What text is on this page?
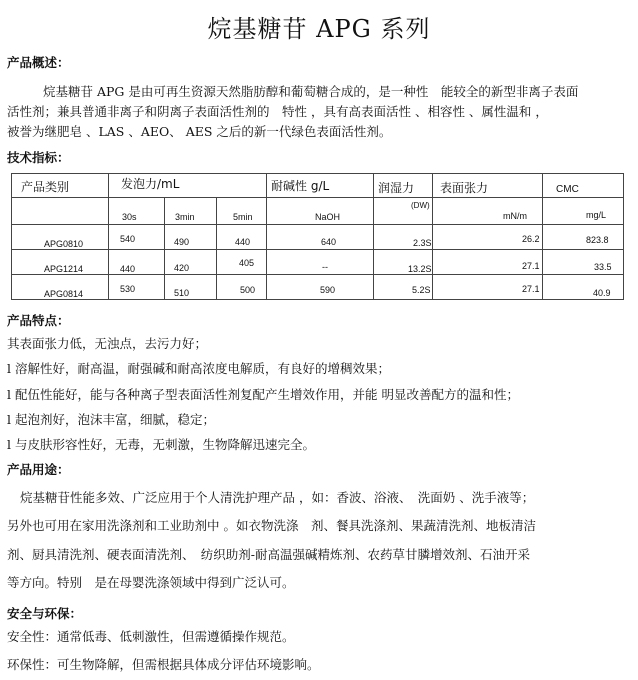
烷基糖苷 APG 系列
产品概述：
烷基糖苷 APG 是由可再生资源天然脂肪醇和葡萄糖合成的，是一种性　能较全的新型非离子表面
活性剂；兼具普通非离子和阴离子表面活性剂的　特性 ，具有高表面活性 、相容性 、属性温和 ，
被誉为继肥皂 、LAS 、AEO、 AES 之后的新一代绿色表面活性剂。
技术指标：
产品类别	发泡力/mL			耐碱性 g/L	润湿力	表面张力	CMC

	30s	3min	5min	NaOH	(DW)	mN/m	mg/L

APG0810	540	490	440	640	2.3S	26.2	823.8

APG1214	440	420	405	--	13.2S	27.1	33.5

APG0814	530	510	500	590	5.2S	27.1	40.9
产品特点：
其表面张力低，无浊点，去污力好；
l 溶解性好，耐高温，耐强碱和耐高浓度电解质，有良好的增稠效果；
l 配伍性能好，能与各种离子型表面活性剂复配产生增效作用，并能 明显改善配方的温和性；
l 起泡剂好，泡沫丰富，细腻，稳定；
l 与皮肤形容性好，无毒，无刺激，生物降解迅速完全。
产品用途：
烷基糖苷性能多效、广泛应用于个人清洗护理产品 ，如：香波、浴液、　洗面奶 、洗手液等；
另外也可用在家用洗涤剂和工业助剂中 。如衣物洗涤　剂、餐具洗涤剂、果蔬清洗剂、地板清洁
剂、厨具清洗剂、硬表面清洗剂、　纺织助剂-耐高温强碱精炼剂、农药草甘膦增效剂、石油开采
等方向。特别　是在母婴洗涤领域中得到广泛认可。
安全与环保：
安全性：通常低毒、低刺激性，但需遵循操作规范。
环保性：可生物降解，但需根据具体成分评估环境影响。
